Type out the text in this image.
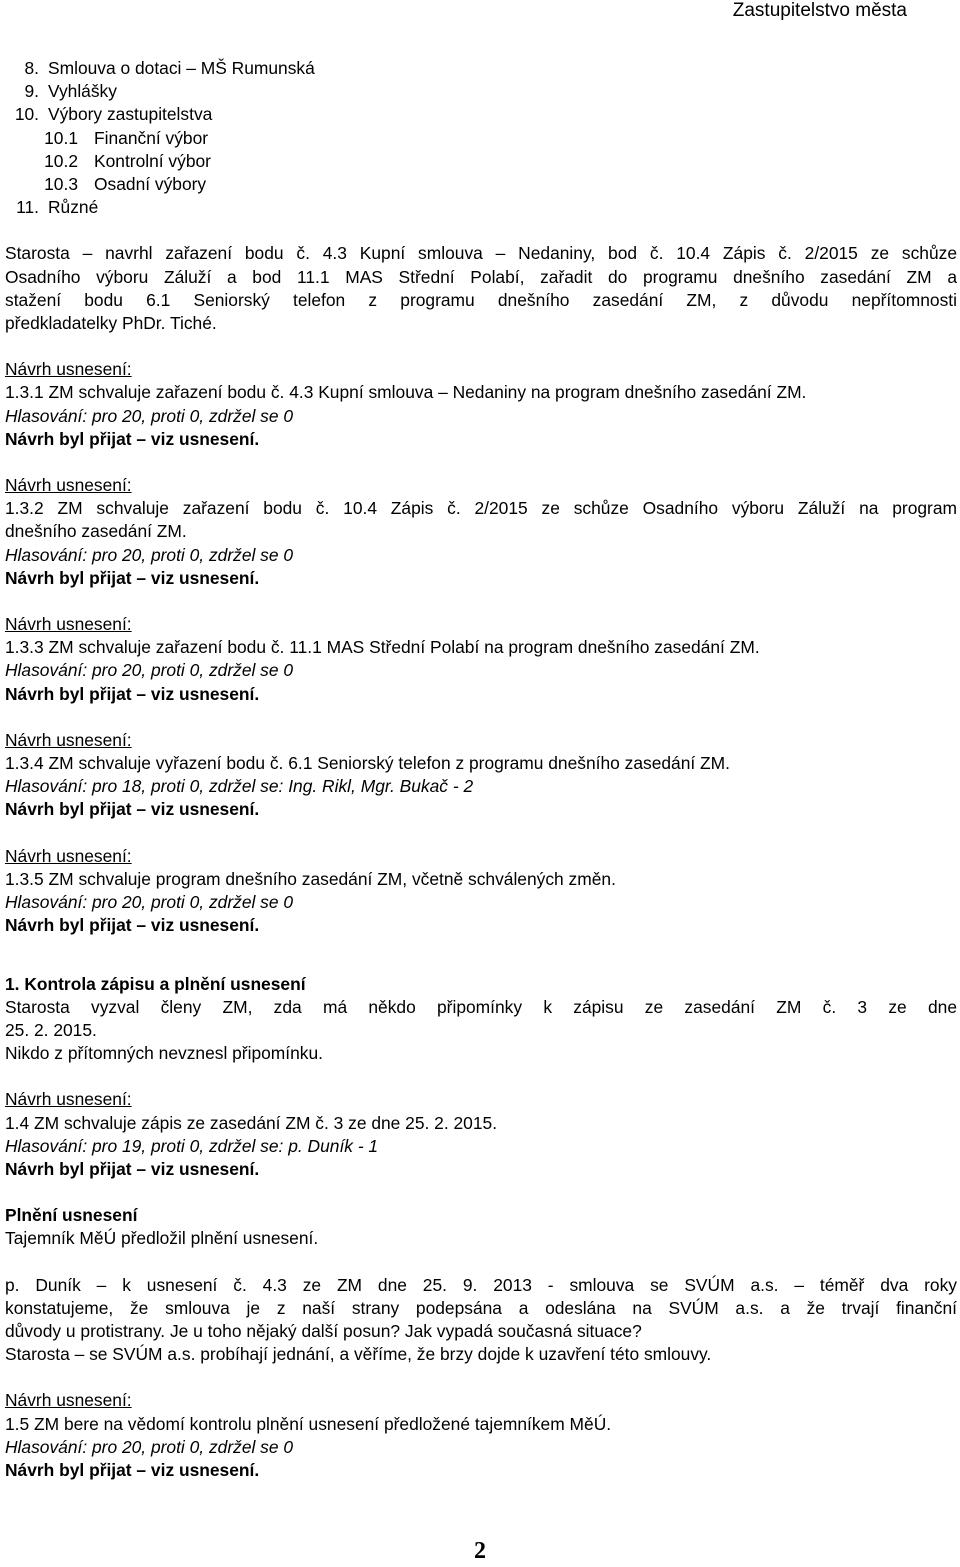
Zastupitelstvo města
8. Smlouva o dotaci – MŠ Rumunská
9. Vyhlášky
10. Výbory zastupitelstva
10.1 Finanční výbor
10.2 Kontrolní výbor
10.3 Osadní výbory
11. Různé
Starosta – navrhl zařazení bodu č. 4.3 Kupní smlouva – Nedaniny, bod č. 10.4 Zápis č. 2/2015 ze schůze
Osadního výboru Záluží a bod 11.1 MAS Střední Polabí, zařadit do programu dnešního zasedání ZM a
stažení bodu 6.1 Seniorský telefon z programu dnešního zasedání ZM, z důvodu nepřítomnosti
předkladatelky PhDr. Tiché.
Návrh usnesení:
1.3.1 ZM schvaluje zařazení bodu č. 4.3 Kupní smlouva – Nedaniny na program dnešního zasedání ZM.
Hlasování: pro 20, proti 0, zdržel se 0
Návrh byl přijat – viz usnesení.
Návrh usnesení:
1.3.2 ZM schvaluje zařazení bodu č. 10.4 Zápis č. 2/2015 ze schůze Osadního výboru Záluží na program
dnešního zasedání ZM.
Hlasování: pro 20, proti 0, zdržel se 0
Návrh byl přijat – viz usnesení.
Návrh usnesení:
1.3.3 ZM schvaluje zařazení bodu č. 11.1 MAS Střední Polabí na program dnešního zasedání ZM.
Hlasování: pro 20, proti 0, zdržel se 0
Návrh byl přijat – viz usnesení.
Návrh usnesení:
1.3.4 ZM schvaluje vyřazení bodu č. 6.1 Seniorský telefon z programu dnešního zasedání ZM.
Hlasování: pro 18, proti 0, zdržel se: Ing. Rikl, Mgr. Bukač - 2
Návrh byl přijat – viz usnesení.
Návrh usnesení:
1.3.5 ZM schvaluje program dnešního zasedání ZM, včetně schválených změn.
Hlasování: pro 20, proti 0, zdržel se 0
Návrh byl přijat – viz usnesení.
1. Kontrola zápisu a plnění usnesení
Starosta vyzval členy ZM, zda má někdo připomínky k zápisu ze zasedání ZM č. 3 ze dne
25. 2. 2015.
Nikdo z přítomných nevznesl připomínku.
Návrh usnesení:
1.4 ZM schvaluje zápis ze zasedání ZM č. 3 ze dne 25. 2. 2015.
Hlasování: pro 19, proti 0, zdržel se: p. Duník - 1
Návrh byl přijat – viz usnesení.
Plnění usnesení
Tajemník MěÚ předložil plnění usnesení.
p. Duník – k usnesení č. 4.3 ze ZM dne 25. 9. 2013 - smlouva se SVÚM a.s. – téměř dva roky
konstatujeme, že smlouva je z naší strany podepsána a odeslána na SVÚM a.s. a že trvají finanční
důvody u protistrany. Je u toho nějaký další posun? Jak vypadá současná situace?
Starosta – se SVÚM a.s. probíhají jednání, a věříme, že brzy dojde k uzavření této smlouvy.
Návrh usnesení:
1.5 ZM bere na vědomí kontrolu plnění usnesení předložené tajemníkem MěÚ.
Hlasování: pro 20, proti 0, zdržel se 0
Návrh byl přijat – viz usnesení.
2
